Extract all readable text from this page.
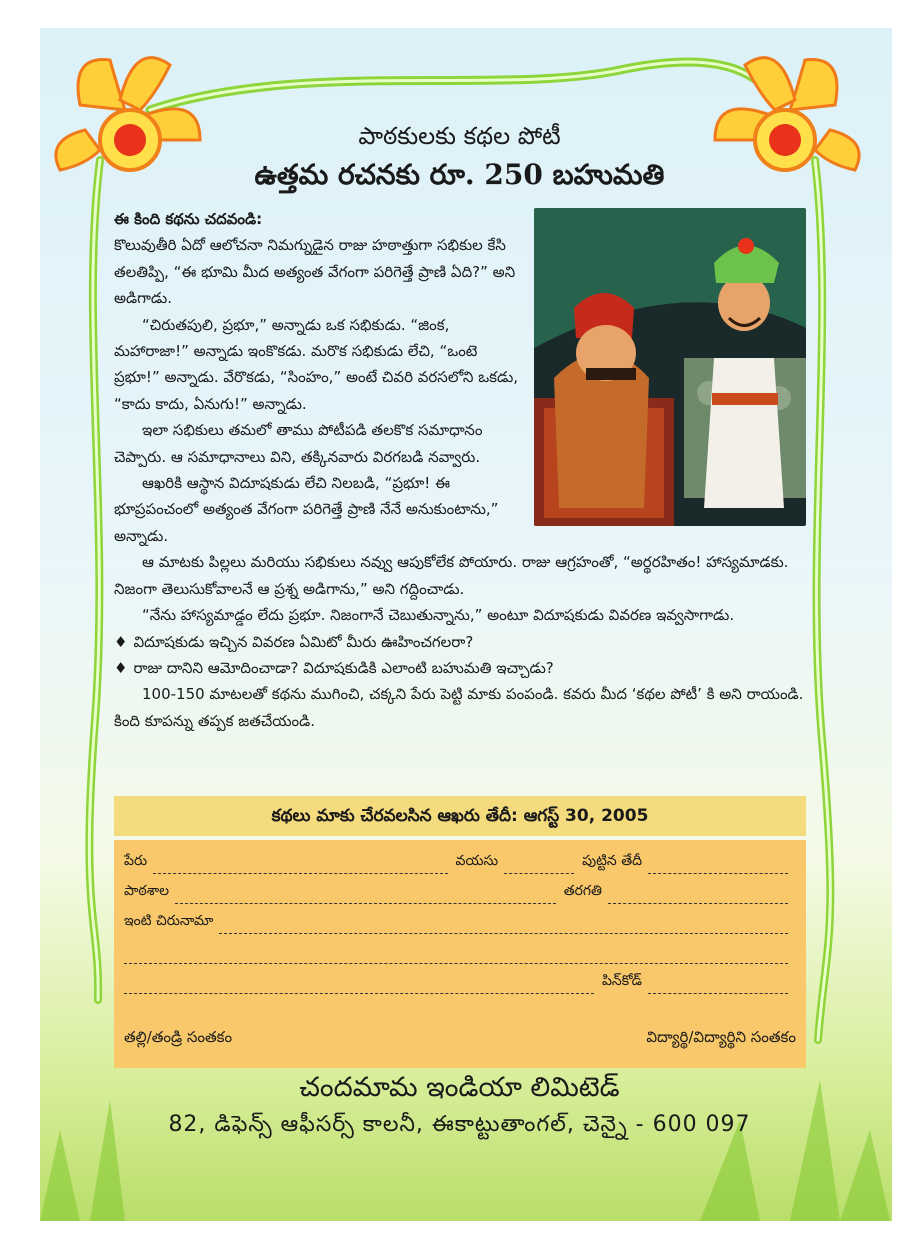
పాఠకులకు కథల పోటీ
ఉత్తమ రచనకు రూ. 250 బహుమతి

ఈ కింది కథను చదవండి:

కొలువుతీరి ఏదో ఆలోచనా నిమగ్నుడైన రాజు హఠాత్తుగా సభికుల కేసి తలతిప్పి, “ఈ భూమి మీద అత్యంత వేగంగా పరిగెత్తే ప్రాణి ఏది?” అని అడిగాడు.

“చిరుతపులి, ప్రభూ,” అన్నాడు ఒక సభికుడు. “జింక, మహారాజా!” అన్నాడు ఇంకొకడు. మరొక సభికుడు లేచి, “ఒంటె ప్రభూ!” అన్నాడు. వేరొకడు, “సింహం,” అంటే చివరి వరసలోని ఒకడు, “కాదు కాదు, ఏనుగు!” అన్నాడు.

ఇలా సభికులు తమలో తాము పోటీపడి తలకొక సమాధానం చెప్పారు. ఆ సమాధానాలు విని, తక్కినవారు విరగబడి నవ్వారు.

ఆఖరికి ఆస్థాన విదూషకుడు లేచి నిలబడి, “ప్రభూ! ఈ భూప్రపంచంలో అత్యంత వేగంగా పరిగెత్తే ప్రాణి నేనే అనుకుంటాను,” అన్నాడు.

ఆ మాటకు పిల్లలు మరియు సభికులు నవ్వు ఆపుకోలేక పోయారు. రాజు ఆగ్రహంతో, “అర్థరహితం! హాస్యమాడకు. నిజంగా తెలుసుకోవాలనే ఆ ప్రశ్న అడిగాను,” అని గద్దించాడు.

“నేను హాస్యమాడ్డం లేదు ప్రభూ. నిజంగానే చెబుతున్నాను,” అంటూ విదూషకుడు వివరణ ఇవ్వసాగాడు.

♦ విదూషకుడు ఇచ్చిన వివరణ ఏమిటో మీరు ఊహించగలరా?

♦ రాజు దానిని ఆమోదించాడా? విదూషకుడికి ఎలాంటి బహుమతి ఇచ్చాడు?

100-150 మాటలతో కథను ముగించి, చక్కని పేరు పెట్టి మాకు పంపండి. కవరు మీద ‘కథల పోటీ’ కి అని రాయండి. కింది కూపన్ను తప్పక జతచేయండి.

కథలు మాకు చేరవలసిన ఆఖరు తేదీ: ఆగస్ట్ 30, 2005
పేరు	వయసు	పుట్టిన తేదీ
పాఠశాల	తరగతి
ఇంటి చిరునామా
పిన్‌కోడ్
తల్లి/తండ్రి సంతకం	విద్యార్థి/విద్యార్థిని సంతకం
చందమామ ఇండియా లిమిటెడ్
82, డిఫెన్స్ ఆఫీసర్స్ కాలనీ, ఈకాట్టుతాంగల్, చెన్నై - 600 097
